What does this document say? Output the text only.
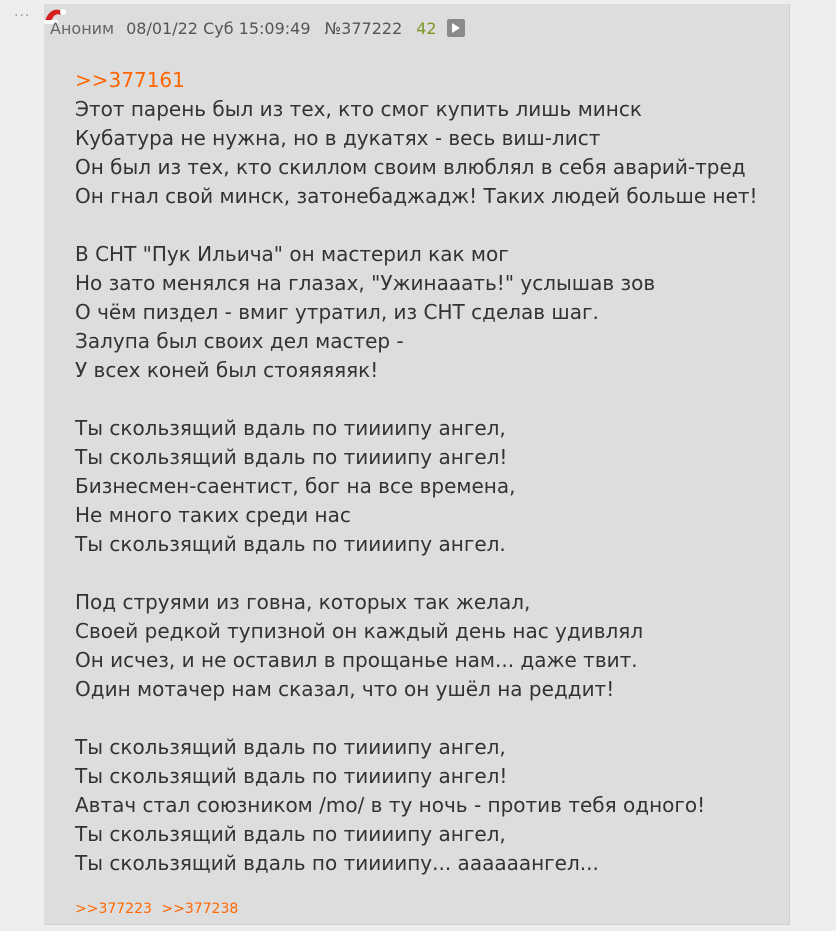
···
Аноним 08/01/22 Суб 15:09:49 №377222 42
>>377161
Этот парень был из тех, кто смог купить лишь минск
Кубатура не нужна, но в дукатях - весь виш-лист
Он был из тех, кто скиллом своим влюблял в себя аварий-тред
Он гнал свой минск, затонебаджадж! Таких людей больше нет!
В СНТ "Пук Ильича" он мастерил как мог
Но зато менялся на глазах, "Ужинааать!" услышав зов
О чём пиздел - вмиг утратил, из СНТ сделав шаг.
Залупа был своих дел мастер -
У всех коней был стояяяяяк!
Ты скользящий вдаль по тиииипу ангел,
Ты скользящий вдаль по тиииипу ангел!
Бизнесмен-саентист, бог на все времена,
Не много таких среди нас
Ты скользящий вдаль по тиииипу ангел.
Под струями из говна, которых так желал,
Своей редкой тупизной он каждый день нас удивлял
Он исчез, и не оставил в прощанье нам... даже твит.
Один мотачер нам сказал, что он ушёл на реддит!
Ты скользящий вдаль по тиииипу ангел,
Ты скользящий вдаль по тиииипу ангел!
Автач стал союзником /mo/ в ту ночь - против тебя одного!
Ты скользящий вдаль по тиииипу ангел,
Ты скользящий вдаль по тиииипу... аааааангел...
>>377223 >>377238
